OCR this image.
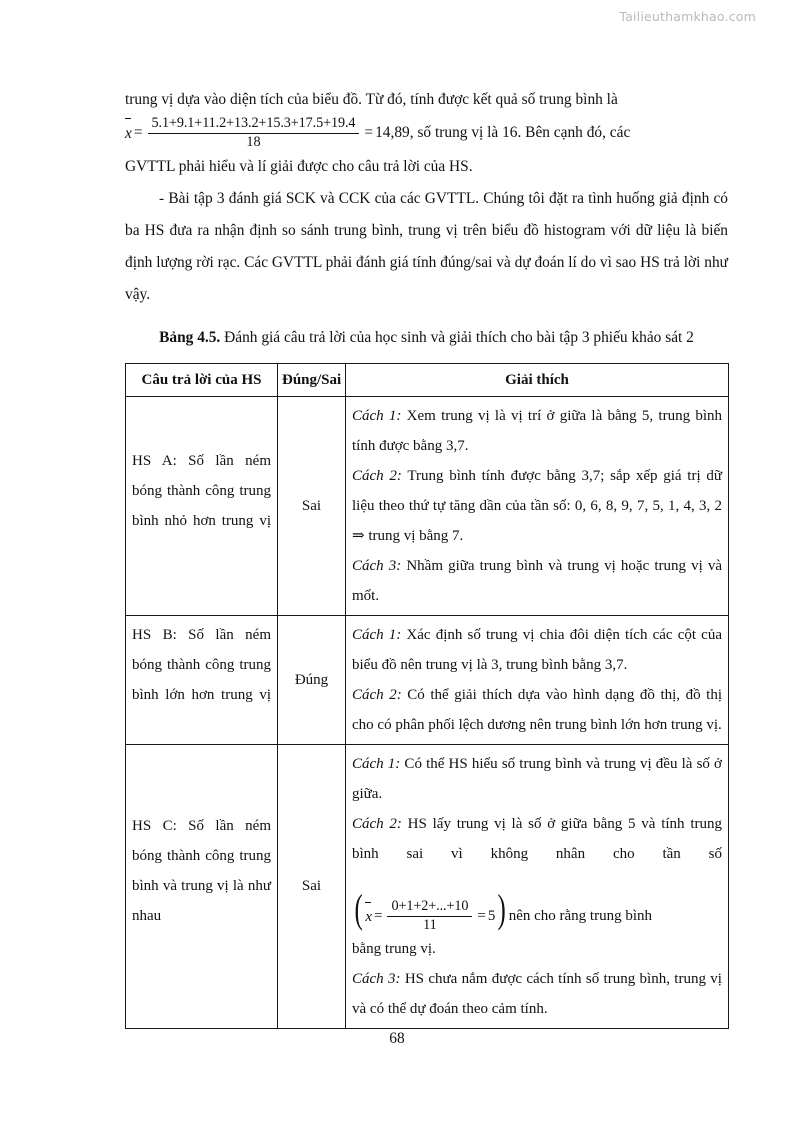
Tailieuthamkhao.com

trung vị dựa vào diện tích của biểu đồ. Từ đó, tính được kết quả số trung bình là

$x = \frac{5.1+9.1+11.2+13.2+15.3+17.5+19.4}{18} = 14,89$ , số trung vị là 16. Bên cạnh đó, các

GVTTL phải hiểu và lí giải được cho câu trả lời của HS.

- Bài tập 3 đánh giá SCK và CCK của các GVTTL. Chúng tôi đặt ra tình huống giả định có ba HS đưa ra nhận định so sánh trung bình, trung vị trên biểu đồ histogram với dữ liệu là biến định lượng rời rạc. Các GVTTL phải đánh giá tính đúng/sai và dự đoán lí do vì sao HS trả lời như vậy.

Bảng 4.5. Đánh giá câu trả lời của học sinh và giải thích cho bài tập 3 phiếu khảo sát 2
Câu trả lời của HS	Đúng/Sai	Giải thích
HS A: Số lần ném bóng thành công trung bình nhỏ hơn trung vị	Sai	Cách 1: Xem trung vị là vị trí ở giữa là bằng 5, trung bình tính được bằng 3,7.
Cách 2: Trung bình tính được bằng 3,7; sắp xếp giá trị dữ liệu theo thứ tự tăng dần của tần số: 0, 6, 8, 9, 7, 5, 1, 4, 3, 2 ⇒ trung vị bằng 7.
Cách 3: Nhầm giữa trung bình và trung vị hoặc trung vị và mốt.

HS B: Số lần ném bóng thành công trung bình lớn hơn trung vị	Đúng	Cách 1: Xác định số trung vị chia đôi diện tích các cột của biểu đồ nên trung vị là 3, trung bình bằng 3,7.
Cách 2: Có thể giải thích dựa vào hình dạng đồ thị, đồ thị cho có phân phối lệch dương nên trung bình lớn hơn trung vị.

HS C: Số lần ném bóng thành công trung bình và trung vị là như nhau	Sai	
Cách 1: Có thể HS hiểu số trung bình và trung vị đều là số ở giữa.
Cách 2: HS lấy trung vị là số ở giữa bằng 5 và tính trung bình sai vì không nhân cho tần số
( $x = \frac{0+1+2+...+10}{11} = 5$ ) nên cho rằng trung bình
bằng trung vị.
Cách 3: HS chưa nắm được cách tính số trung bình, trung vị và có thể dự đoán theo cảm tính.
68
